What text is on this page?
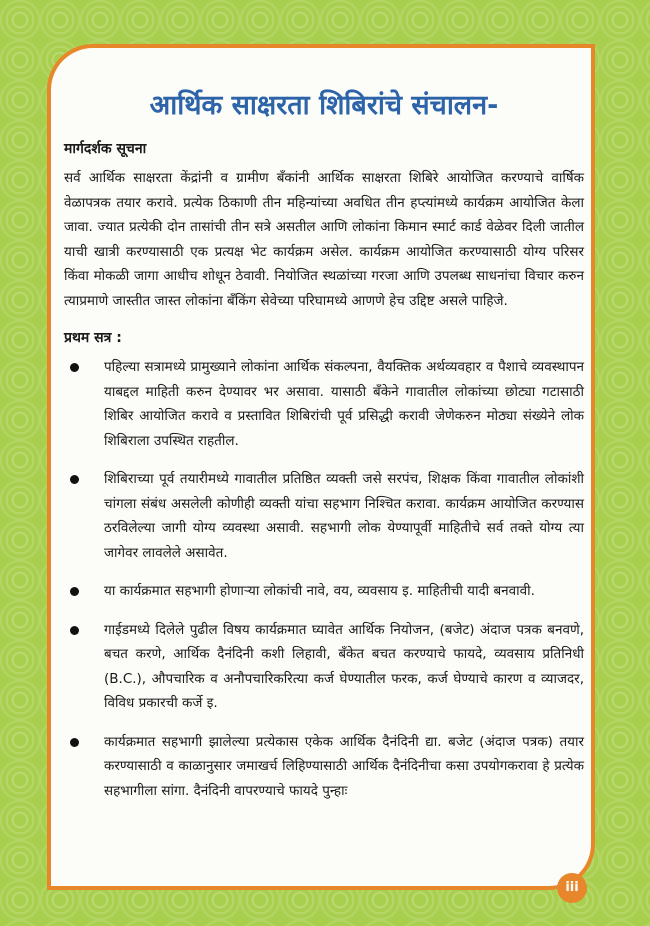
आर्थिक साक्षरता शिबिरांचे संचालन-
मार्गदर्शक सूचना

सर्व आर्थिक साक्षरता केंद्रांनी व ग्रामीण बँकांनी आर्थिक साक्षरता शिबिरे आयोजित करण्याचे वार्षिक वेळापत्रक तयार करावे. प्रत्येक ठिकाणी तीन महिन्यांच्या अवधित तीन हप्त्यांमध्ये कार्यक्रम आयोजित केला जावा. ज्यात प्रत्येकी दोन तासांची तीन सत्रे असतील आणि लोकांना किमान स्मार्ट कार्ड वेळेवर दिली जातील याची खात्री करण्यासाठी एक प्रत्यक्ष भेट कार्यक्रम असेल. कार्यक्रम आयोजित करण्यासाठी योग्य परिसर किंवा मोकळी जागा आधीच शोधून ठेवावी. नियोजित स्थळांच्या गरजा आणि उपलब्ध साधनांचा विचार करुन त्याप्रमाणे जास्तीत जास्त लोकांना बँकिंग सेवेच्या परिघामध्ये आणणे हेच उद्दिष्ट असले पाहिजे.

प्रथम सत्र :
पहिल्या सत्रामध्ये प्रामुख्याने लोकांना आर्थिक संकल्पना, वैयक्तिक अर्थव्यवहार व पैशाचे व्यवस्थापन याबद्दल माहिती करुन देण्यावर भर असावा. यासाठी बँकेने गावातील लोकांच्या छोट्या गटासाठी शिबिर आयोजित करावे व प्रस्तावित शिबिरांची पूर्व प्रसिद्धी करावी जेणेकरुन मोठ्या संख्येने लोक शिबिराला उपस्थित राहतील.
शिबिराच्या पूर्व तयारीमध्ये गावातील प्रतिष्ठित व्यक्ती जसे सरपंच, शिक्षक किंवा गावातील लोकांशी चांगला संबंध असलेली कोणीही व्यक्ती यांचा सहभाग निश्चित करावा. कार्यक्रम आयोजित करण्यास ठरविलेल्या जागी योग्य व्यवस्था असावी. सहभागी लोक येण्यापूर्वी माहितीचे सर्व तक्ते योग्य त्या जागेवर लावलेले असावेत.
या कार्यक्रमात सहभागी होणाऱ्या लोकांची नावे, वय, व्यवसाय इ. माहितीची यादी बनवावी.
गाईडमध्ये दिलेले पुढील विषय कार्यक्रमात घ्यावेत आर्थिक नियोजन, (बजेट) अंदाज पत्रक बनवणे, बचत करणे, आर्थिक दैनंदिनी कशी लिहावी, बँकेत बचत करण्याचे फायदे, व्यवसाय प्रतिनिधी (B.C.), औपचारिक व अनौपचारिकरित्या कर्ज घेण्यातील फरक, कर्ज घेण्याचे कारण व व्याजदर, विविध प्रकारची कर्जे इ.
कार्यक्रमात सहभागी झालेल्या प्रत्येकास एकेक आर्थिक दैनंदिनी द्या. बजेट (अंदाज पत्रक) तयार करण्यासाठी व काळानुसार जमाखर्च लिहिण्यासाठी आर्थिक दैनंदिनीचा कसा उपयोगकरावा हे प्रत्येक सहभागीला सांगा. दैनंदिनी वापरण्याचे फायदे पुन्हाः
iii
